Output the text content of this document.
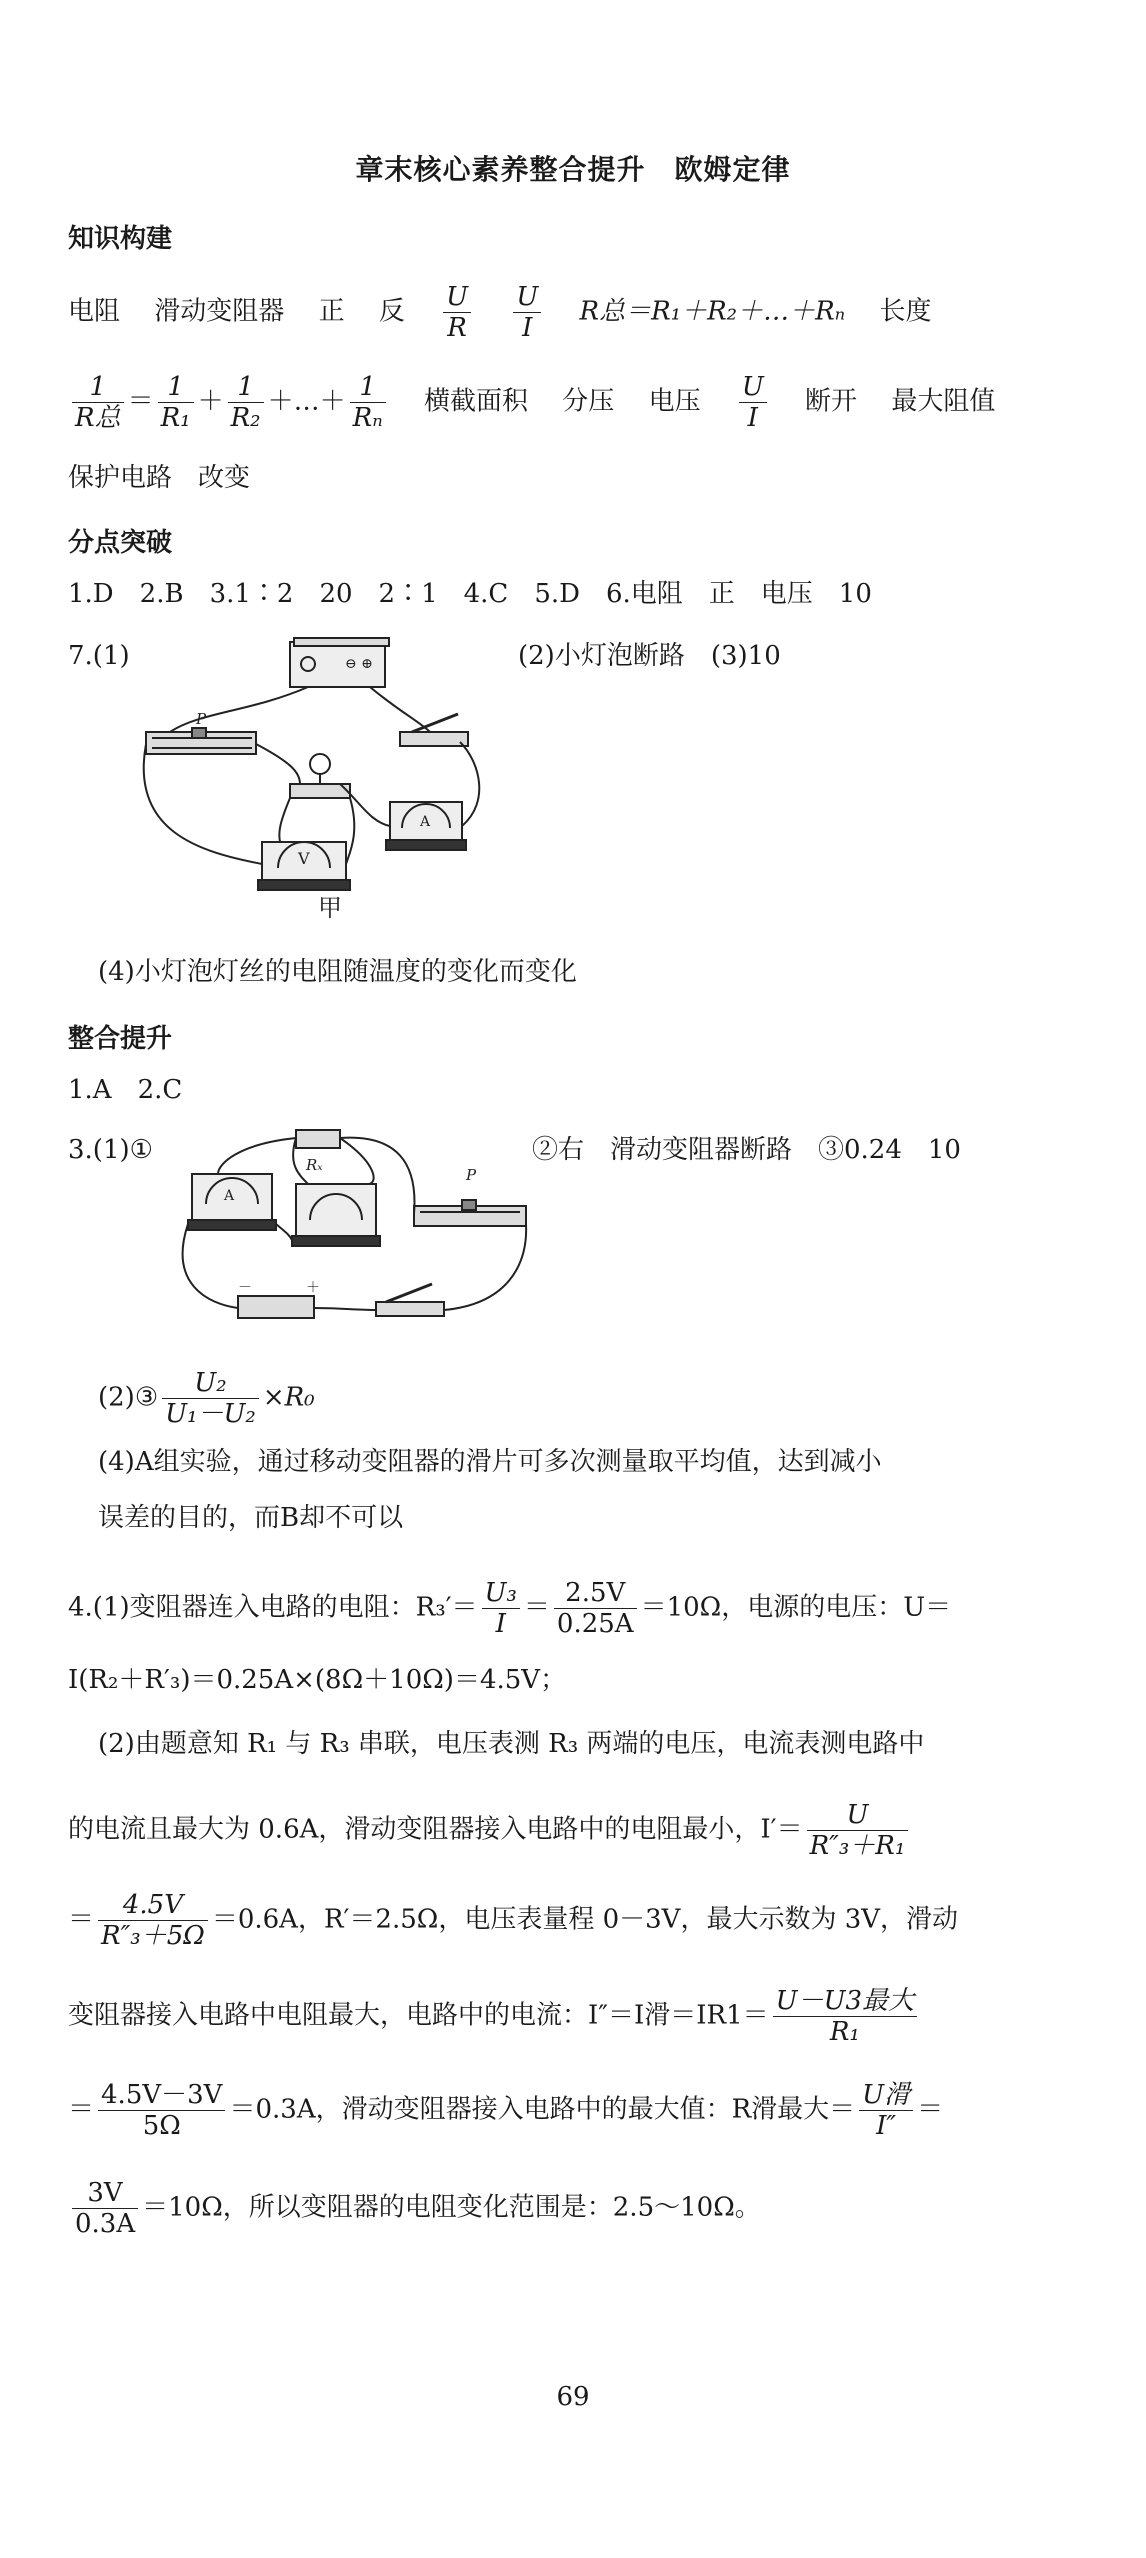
章末核心素养整合提升　欧姆定律
知识构建
电阻 滑动变阻器 正 反 $\frac{U}{R}$
$\frac{U}{I}$ R总＝R₁＋R₂＋…＋Rₙ 长度
$\frac{1}{\text{R总}} = \frac{1}{\text{R₁}} + \frac{1}{\text{R₂}}$ ＋…＋ $\frac{1}{\text{Rₙ}}$ 横截面积 分压 电压 $\frac{U}{I}$ 断开 最大阻值
保护电路　改变
分点突破
1.D　2.B　3.1∶2　20　2∶1　4.C　5.D　6.电阻　正　电压　10
7.(1)	(2)小灯泡断路　(3)10
⊖ ⊕
P
V
A
甲
(4)小灯泡灯丝的电阻随温度的变化而变化
整合提升
1.A　2.C
3.(1)①	②右　滑动变阻器断路　③0.24　10
Rₓ
A
P
－	＋
(2)③ $\frac{\text{U₂}}{\text{U₁－U₂}} \times R_0$
(4)A组实验，通过移动变阻器的滑片可多次测量取平均值，达到减小
误差的目的，而B却不可以
4.(1)变阻器连入电路的电阻：$R_3'= \frac{\text{U₃}}{I} = \frac{2.5V}{0.25A} =10\Omega$，电源的电压：U＝
I(R₂＋R′₃)＝0.25A×(8Ω＋10Ω)＝4.5V；
(2)由题意知 R₁ 与 R₃ 串联，电压表测 R₃ 两端的电压，电流表测电路中
的电流且最大为 0.6A，滑动变阻器接入电路中的电阻最小，$I'= \frac{U}{\text{R″₃＋R₁}}$
＝ $\frac{4.5V}{\text{R″₃＋5Ω}} =0.6A$，R′＝2.5Ω，电压表量程 0－3V，最大示数为 3V，滑动
变阻器接入电路中电阻最大，电路中的电流：I″＝I滑$=IR1= \frac{\text{U－U3最大}}{\text{R₁}}$
＝ $\frac{4.5V-3V}{5\Omega} =0.3A$，滑动变阻器接入电路中的最大值：R滑最大＝ $\frac{\text{U滑}}{I''}$ ＝
$\frac{3V}{0.3A} =10\Omega$，所以变阻器的电阻变化范围是：2.5～10Ω。
69
